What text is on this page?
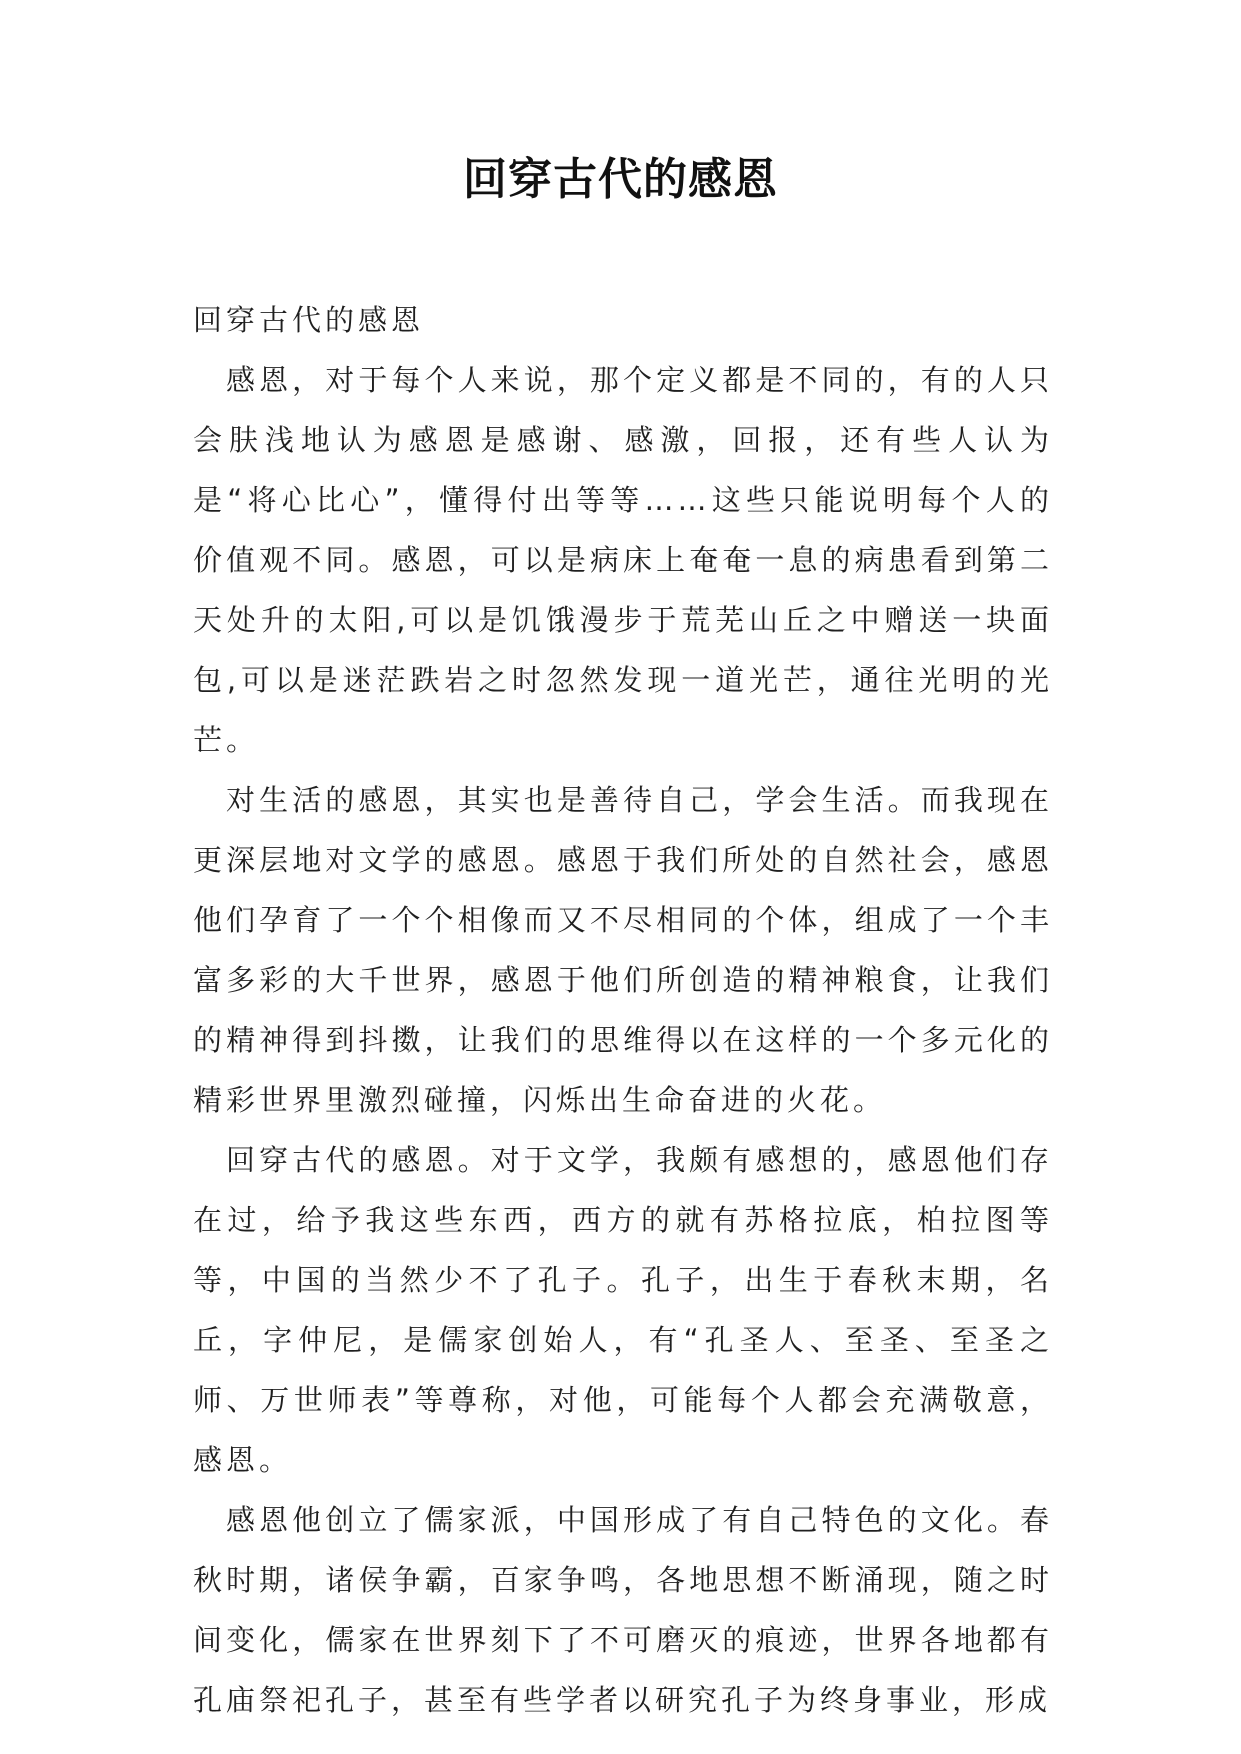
回穿古代的感恩

回穿古代的感恩

感恩，对于每个人来说，那个定义都是不同的，有的人只会肤浅地认为感恩是感谢、感激，回报，还有些人认为是“将心比心”，懂得付出等等……这些只能说明每个人的价值观不同。感恩，可以是病床上奄奄一息的病患看到第二天处升的太阳,可以是饥饿漫步于荒芜山丘之中赠送一块面包,可以是迷茫跌岩之时忽然发现一道光芒，通往光明的光芒。

对生活的感恩，其实也是善待自己，学会生活。而我现在更深层地对文学的感恩。感恩于我们所处的自然社会，感恩他们孕育了一个个相像而又不尽相同的个体，组成了一个丰富多彩的大千世界，感恩于他们所创造的精神粮食，让我们的精神得到抖擞，让我们的思维得以在这样的一个多元化的精彩世界里激烈碰撞，闪烁出生命奋进的火花。

回穿古代的感恩。对于文学，我颇有感想的，感恩他们存在过，给予我这些东西，西方的就有苏格拉底，柏拉图等等，中国的当然少不了孔子。孔子，出生于春秋末期，名丘，字仲尼，是儒家创始人，有“孔圣人、至圣、至圣之师、万世师表”等尊称，对他，可能每个人都会充满敬意，感恩。

感恩他创立了儒家派，中国形成了有自己特色的文化。春秋时期，诸侯争霸，百家争鸣，各地思想不断涌现，随之时间变化，儒家在世界刻下了不可磨灭的痕迹，世界各地都有孔庙祭祀孔子，甚至有些学者以研究孔子为终身事业，形成
